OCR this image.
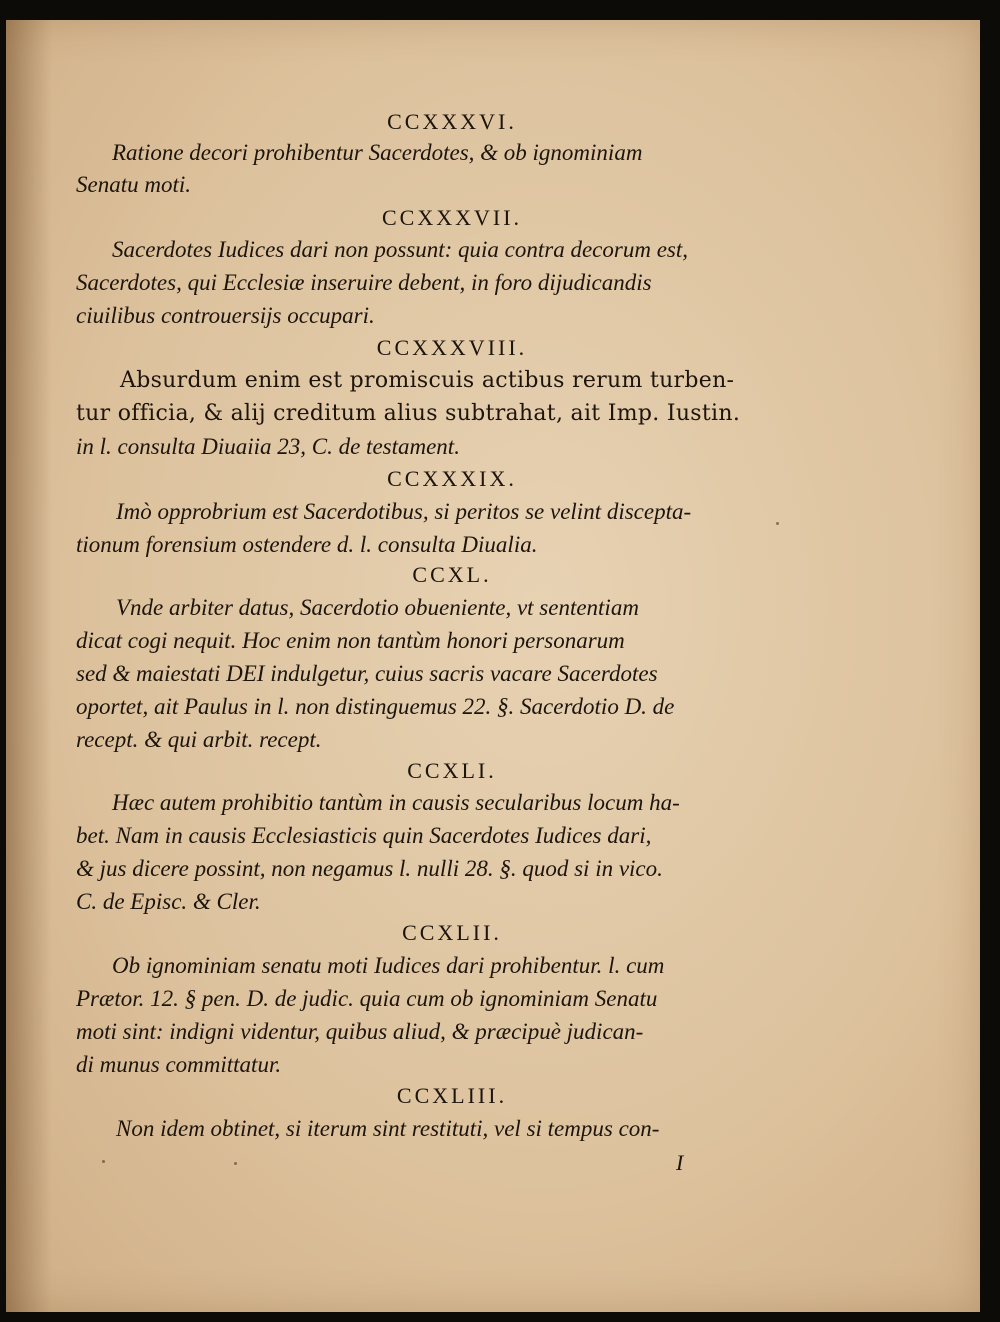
CCXXXVI.
Ratione decori prohibentur Sacerdotes, & ob ignominiam
Senatu moti.
CCXXXVII.
Sacerdotes Iudices dari non possunt: quia contra decorum est,
Sacerdotes, qui Ecclesiæ inseruire debent, in foro dijudicandis
ciuilibus controuersijs occupari.
CCXXXVIII.
Absurdum enim est promiscuis actibus rerum turben-
tur officia, & alij creditum alius subtrahat, ait Imp. Iustin.
in l. consulta Diuaiia 23, C. de testament.
CCXXXIX.
Imò opprobrium est Sacerdotibus, si peritos se velint discepta-
tionum forensium ostendere d. l. consulta Diualia.
CCXL.
Vnde arbiter datus, Sacerdotio obueniente, vt sententiam
dicat cogi nequit. Hoc enim non tantùm honori personarum
sed & maiestati DEI indulgetur, cuius sacris vacare Sacerdotes
oportet, ait Paulus in l. non distinguemus 22. §. Sacerdotio D. de
recept. & qui arbit. recept.
CCXLI.
Hæc autem prohibitio tantùm in causis secularibus locum ha-
bet. Nam in causis Ecclesiasticis quin Sacerdotes Iudices dari,
& jus dicere possint, non negamus l. nulli 28. §. quod si in vico.
C. de Episc. & Cler.
CCXLII.
Ob ignominiam senatu moti Iudices dari prohibentur. l. cum
Prætor. 12. § pen. D. de judic. quia cum ob ignominiam Senatu
moti sint: indigni videntur, quibus aliud, & præcipuè judican-
di munus committatur.
CCXLIII.
Non idem obtinet, si iterum sint restituti, vel si tempus con-
I
